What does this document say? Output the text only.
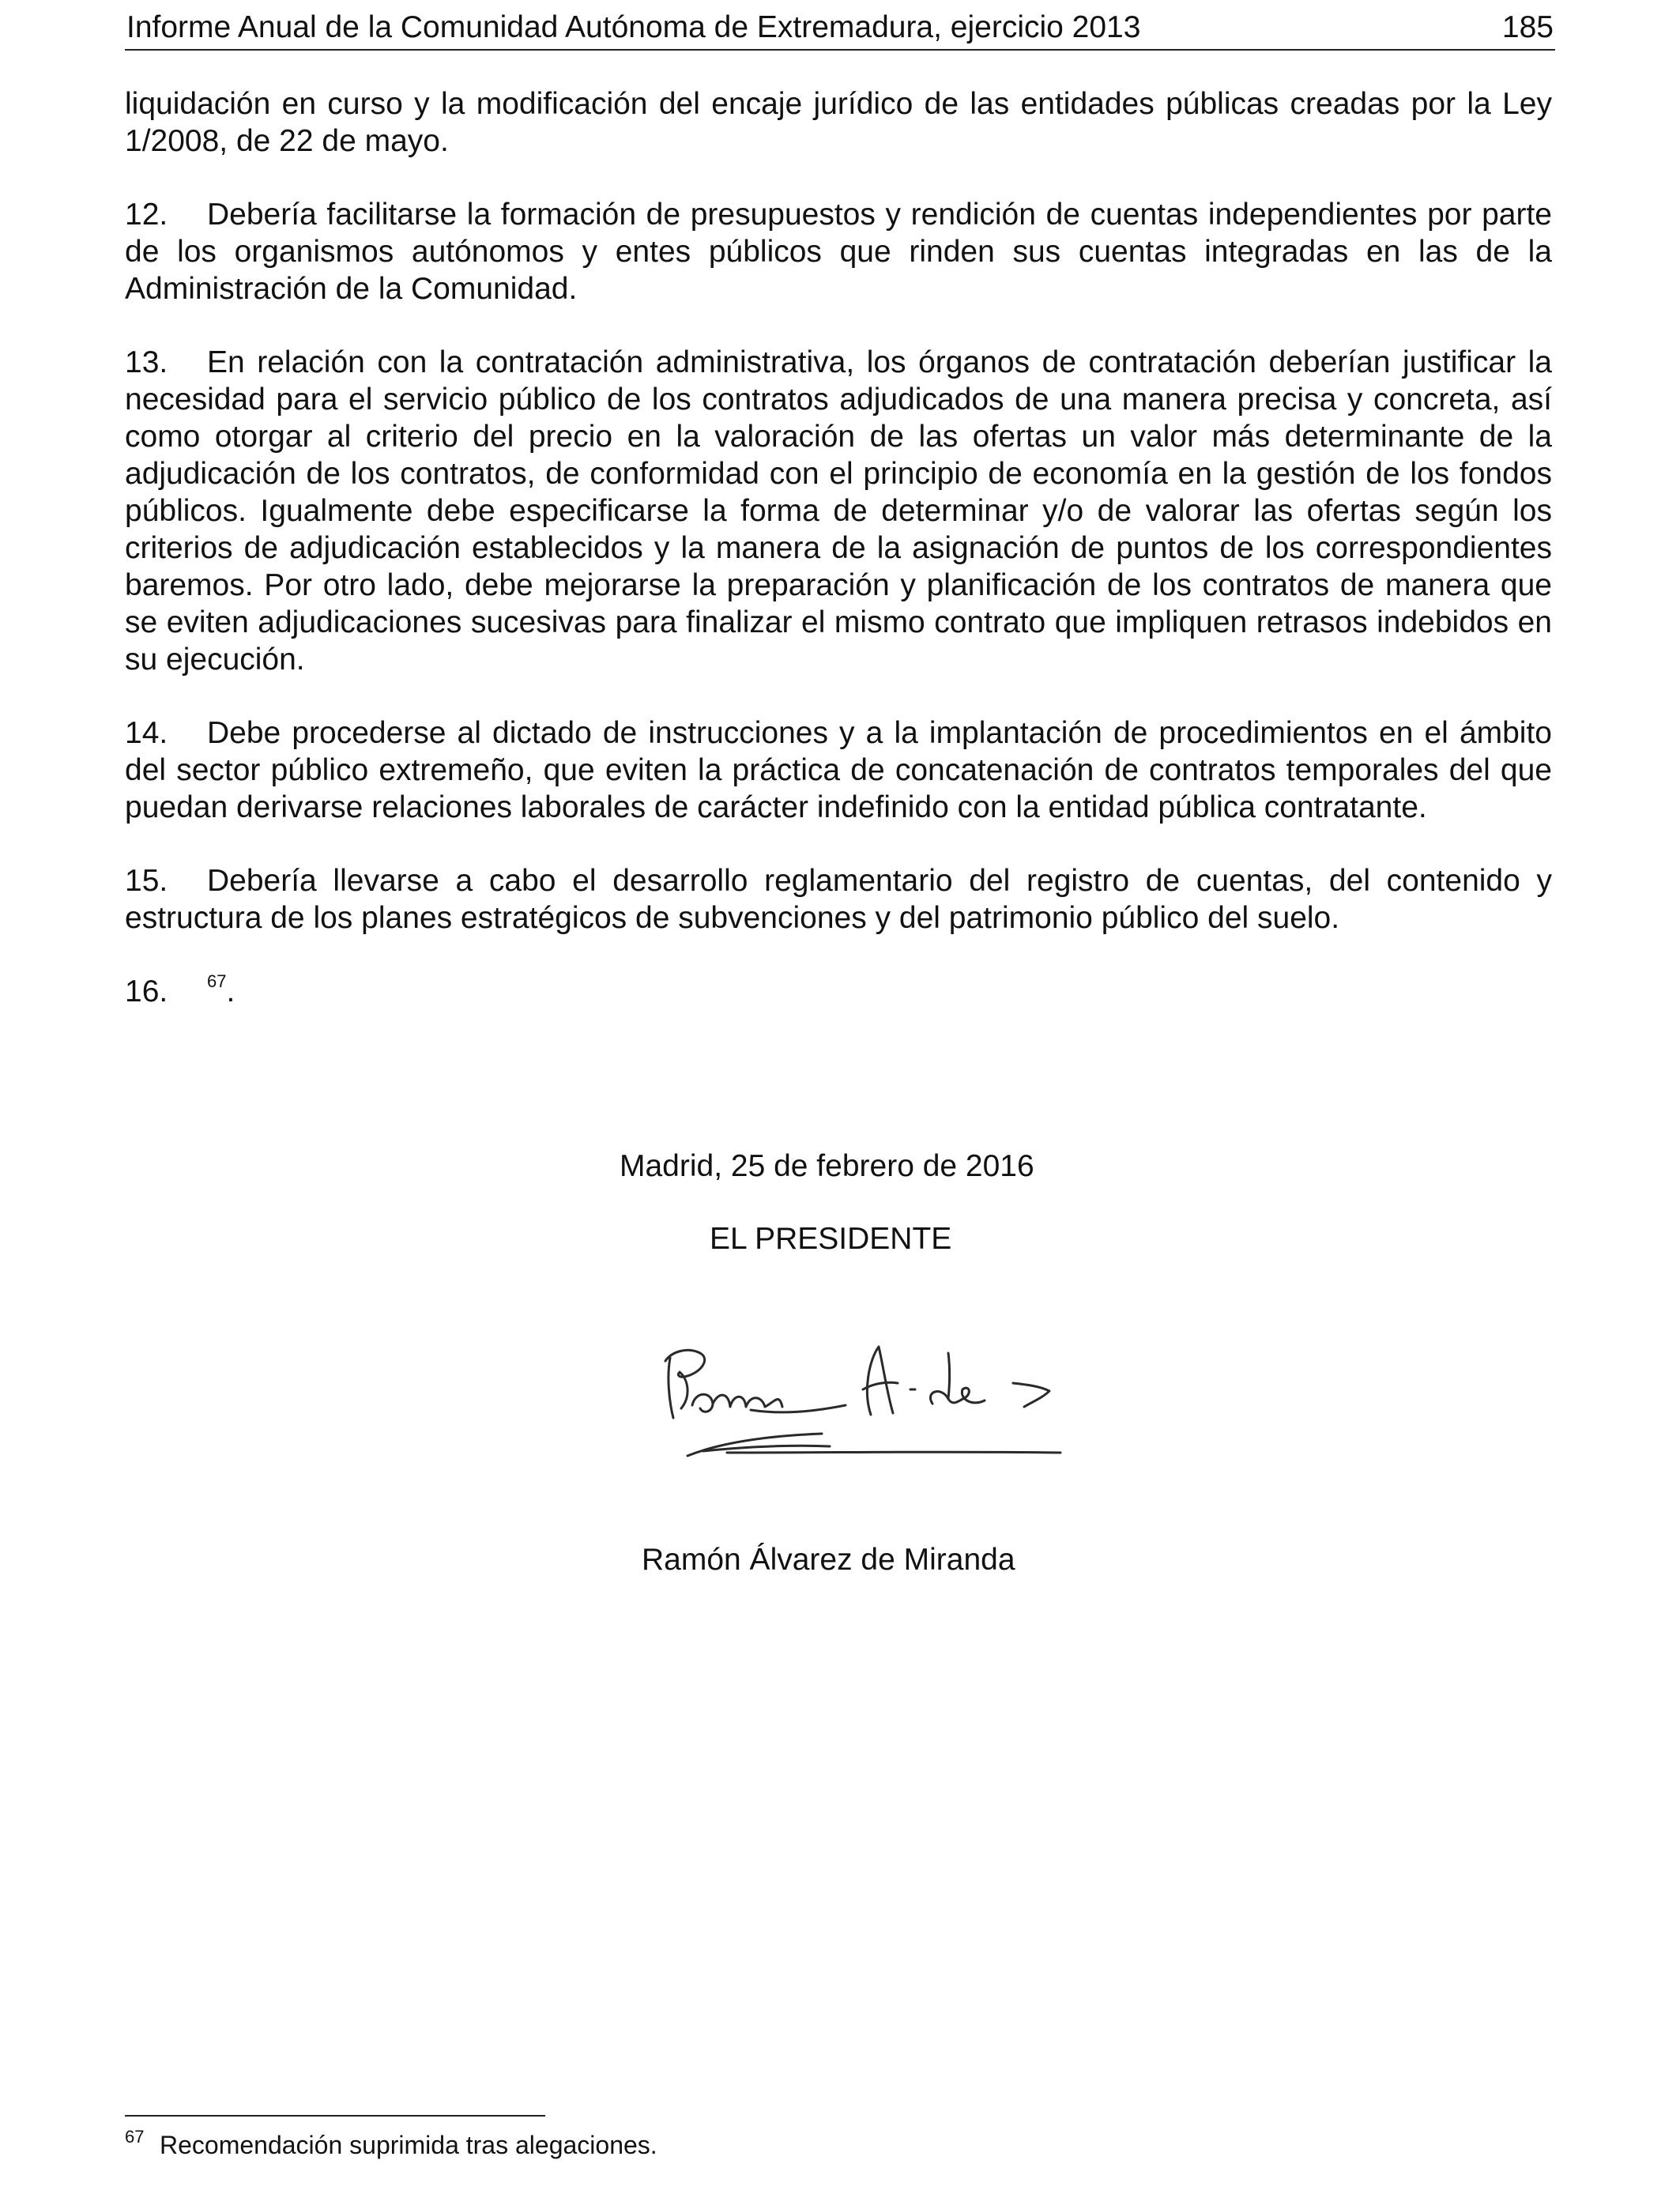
Informe Anual de la Comunidad Autónoma de Extremadura, ejercicio 2013	185

liquidación en curso y la modificación del encaje jurídico de las entidades públicas creadas por la Ley 1/2008, de 22 de mayo.

12. Debería facilitarse la formación de presupuestos y rendición de cuentas independientes por parte de los organismos autónomos y entes públicos que rinden sus cuentas integradas en las de la Administración de la Comunidad.

13. En relación con la contratación administrativa, los órganos de contratación deberían justificar la necesidad para el servicio público de los contratos adjudicados de una manera precisa y concreta, así como otorgar al criterio del precio en la valoración de las ofertas un valor más determinante de la adjudicación de los contratos, de conformidad con el principio de economía en la gestión de los fondos públicos. Igualmente debe especificarse la forma de determinar y/o de valorar las ofertas según los criterios de adjudicación establecidos y la manera de la asignación de puntos de los correspondientes baremos. Por otro lado, debe mejorarse la preparación y planificación de los contratos de manera que se eviten adjudicaciones sucesivas para finalizar el mismo contrato que impliquen retrasos indebidos en su ejecución.

14. Debe procederse al dictado de instrucciones y a la implantación de procedimientos en el ámbito del sector público extremeño, que eviten la práctica de concatenación de contratos temporales del que puedan derivarse relaciones laborales de carácter indefinido con la entidad pública contratante.

15. Debería llevarse a cabo el desarrollo reglamentario del registro de cuentas, del contenido y estructura de los planes estratégicos de subvenciones y del patrimonio público del suelo.

16. $^{67}$.

Madrid, 25 de febrero de 2016
EL PRESIDENTE
Ramón Á. de M.
Ramón Álvarez de Miranda
67 Recomendación suprimida tras alegaciones.
